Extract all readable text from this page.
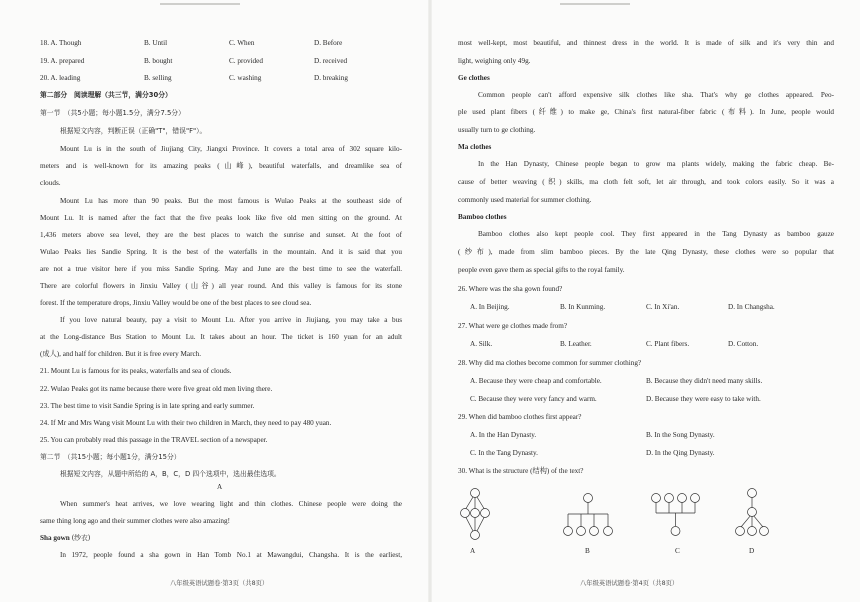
18. A. Though	B. Until	C. When	D. Before
19. A. prepared	B. bought	C. provided	D. received
20. A. leading	B. selling	C. washing	D. breaking
第二部分　阅读理解（共三节，满分30分）
第一节　（共5小题；每小题1.5分，满分7.5分）
根据短文内容，判断正误（正确"T"，错误"F"）。
Mount Lu is in the south of Jiujiang City, Jiangxi Province. It covers a total area of 302 square kilo-
meters and is well-known for its amazing peaks (山峰), beautiful waterfalls, and dreamlike sea of
clouds.
Mount Lu has more than 90 peaks. But the most famous is Wulao Peaks at the southeast side of
Mount Lu. It is named after the fact that the five peaks look like five old men sitting on the ground. At
1,436 meters above sea level, they are the best places to watch the sunrise and sunset. At the foot of
Wulao Peaks lies Sandie Spring. It is the best of the waterfalls in the mountain. And it is said that you
are not a true visitor here if you miss Sandie Spring. May and June are the best time to see the waterfall.
There are colorful flowers in Jinxiu Valley (山谷) all year round. And this valley is famous for its stone
forest. If the temperature drops, Jinxiu Valley would be one of the best places to see cloud sea.
If you love natural beauty, pay a visit to Mount Lu. After you arrive in Jiujiang, you may take a bus
at the Long-distance Bus Station to Mount Lu. It takes about an hour. The ticket is 160 yuan for an adult
(成人), and half for children. But it is free every March.
21. Mount Lu is famous for its peaks, waterfalls and sea of clouds.
22. Wulao Peaks got its name because there were five great old men living there.
23. The best time to visit Sandie Spring is in late spring and early summer.
24. If Mr and Mrs Wang visit Mount Lu with their two children in March, they need to pay 480 yuan.
25. You can probably read this passage in the TRAVEL section of a newspaper.
第二节　（共15小题；每小题1分，满分15分）
根据短文内容，从题中所给的 A，B，C，D 四个选项中，选出最佳选项。
A
When summer's heat arrives, we love wearing light and thin clothes. Chinese people were doing the
same thing long ago and their summer clothes were also amazing!
Sha gown (纱衣)
In 1972, people found a sha gown in Han Tomb No.1 at Mawangdui, Changsha. It is the earliest,
八年级英语试题卷·第3页（共8页）
most well-kept, most beautiful, and thinnest dress in the world. It is made of silk and it's very thin and
light, weighing only 49g.
Ge clothes
Common people can't afford expensive silk clothes like sha. That's why ge clothes appeared. Peo-
ple used plant fibers (纤维) to make ge, China's first natural-fiber fabric (布料). In June, people would
usually turn to ge clothing.
Ma clothes
In the Han Dynasty, Chinese people began to grow ma plants widely, making the fabric cheap. Be-
cause of better weaving (织) skills, ma cloth felt soft, let air through, and took colors easily. So it was a
commonly used material for summer clothing.
Bamboo clothes
Bamboo clothes also kept people cool. They first appeared in the Tang Dynasty as bamboo gauze
(纱布), made from slim bamboo pieces. By the late Qing Dynasty, these clothes were so popular that
people even gave them as special gifts to the royal family.
26. Where was the sha gown found?
A. In Beijing.	B. In Kunming.	C. In Xi'an.	D. In Changsha.
27. What were ge clothes made from?
A. Silk.	B. Leather.	C. Plant fibers.	D. Cotton.
28. Why did ma clothes become common for summer clothing?
A. Because they were cheap and comfortable.	B. Because they didn't need many skills.
C. Because they were very fancy and warm.	D. Because they were easy to take with.
29. When did bamboo clothes first appear?
A. In the Han Dynasty.	B. In the Song Dynasty.
C. In the Tang Dynasty.	D. In the Qing Dynasty.
30. What is the structure (结构) of the text?
A	B	C	D
八年级英语试题卷·第4页（共8页）
